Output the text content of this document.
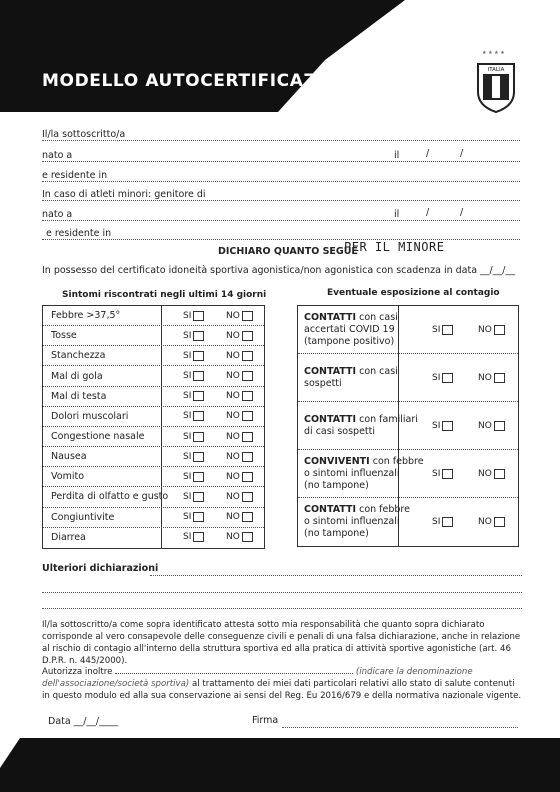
MODELLO AUTOCERTIFICAZIONE
★ ★ ★ ★
ITALIA
Il/la sottoscritto/a
nato a	il	/	/
e residente in
In caso di atleti minori: genitore di
nato a	il	/	/
e residente in
DICHIARO QUANTO SEGUE
PER IL MINORE
In possesso del certificato idoneità sportiva agonistica/non agonistica con scadenza in data __/__/__
Sintomi riscontrati negli ultimi 14 giorni
Febbre >37,5°	SI	NO
Tosse	SI	NO
Stanchezza	SI	NO
Mal di gola	SI	NO
Mal di testa	SI	NO
Dolori muscolari	SI	NO
Congestione nasale	SI	NO
Nausea	SI	NO
Vomito	SI	NO
Perdita di olfatto e gusto SI	NO
Congiuntivite	SI	NO
Diarrea	SI	NO
Eventuale esposizione al contagio
CONTATTI con casi
accertati COVID 19
(tampone positivo)
SI	NO
CONTATTI con casi
sospetti
SI	NO
CONTATTI con familiari
di casi sospetti
SI	NO
CONVIVENTI con febbre
o sintomi influenzali
(no tampone)
SI	NO
CONTATTI con febbre
o sintomi influenzali
(no tampone)
SI	NO
Ulteriori dichiarazioni
Il/la sottoscritto/a come sopra identificato attesta sotto mia responsabilità che quanto sopra dichiarato corrisponde al vero consapevole delle conseguenze civili e penali di una falsa dichiarazione, anche in relazione al rischio di contagio all'interno della struttura sportiva ed alla pratica di attività sportive agonistiche (art. 46 D.P.R. n. 445/2000).
Autorizza inoltre	(indicare la denominazione dell'associazione/società sportiva) al trattamento dei miei dati particolari relativi allo stato di salute contenuti in questo modulo ed alla sua conservazione ai sensi del Reg. Eu 2016/679 e della normativa nazionale vigente.
Data __/__/____	Firma
